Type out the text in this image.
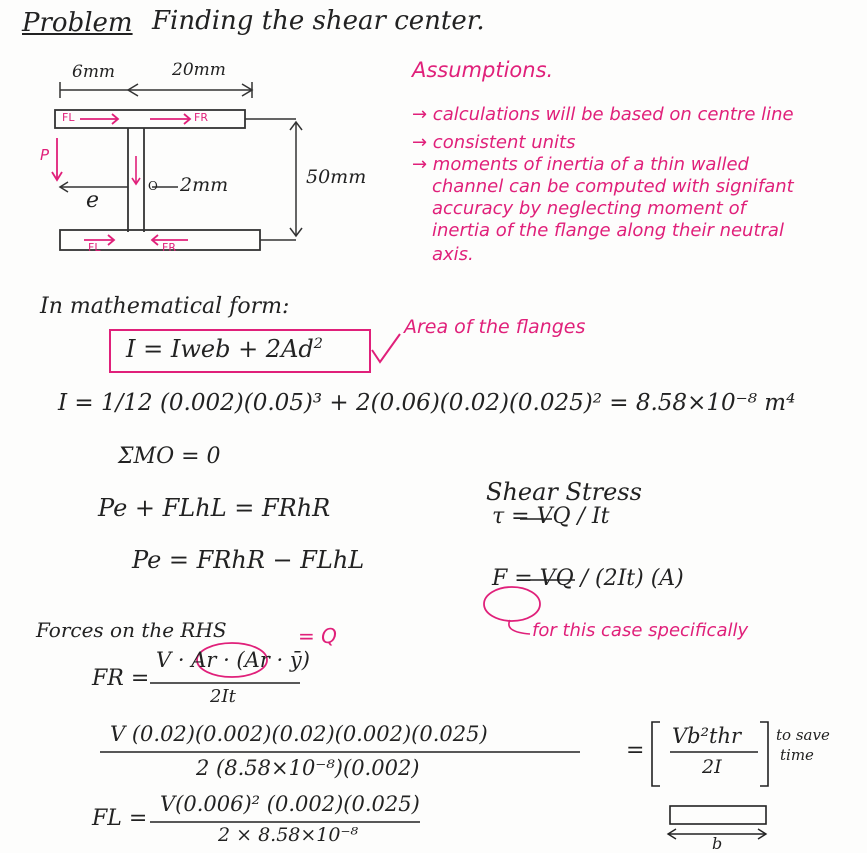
Problem Finding the shear center.
6mm	20mm
FL	FR
FL	FR
P
e
O 2mm	50mm
Assumptions.
→ calculations will be based on centre line
→ consistent units
→ moments of inertia of a thin walled
channel can be computed with signifant
accuracy by neglecting moment of
inertia of the flange along their neutral
axis.
In mathematical form:
I = Iweb + $2Ad^2$
Area of the flanges
I = 1/12 (0.002)(0.05)³ + 2(0.06)(0.02)(0.025)² = 8.58×10⁻⁸ m⁴
ΣMO = 0
Pe + FLhL = FRhR
Pe = FRhR − FLhL
Shear Stress
τ = VQ / It
F = VQ / (2It) (A)
for this case specifically
Forces on the RHS
FR =
V · Ar · (Ar · ȳ)
= Q
2It
V (0.02)(0.002)(0.02)(0.002)(0.025)
2 (8.58×10⁻⁸)(0.002)
=
Vb²thr
2I
to save
time
FL =
V(0.006)² (0.002)(0.025)
2 × 8.58×10⁻⁸	b
